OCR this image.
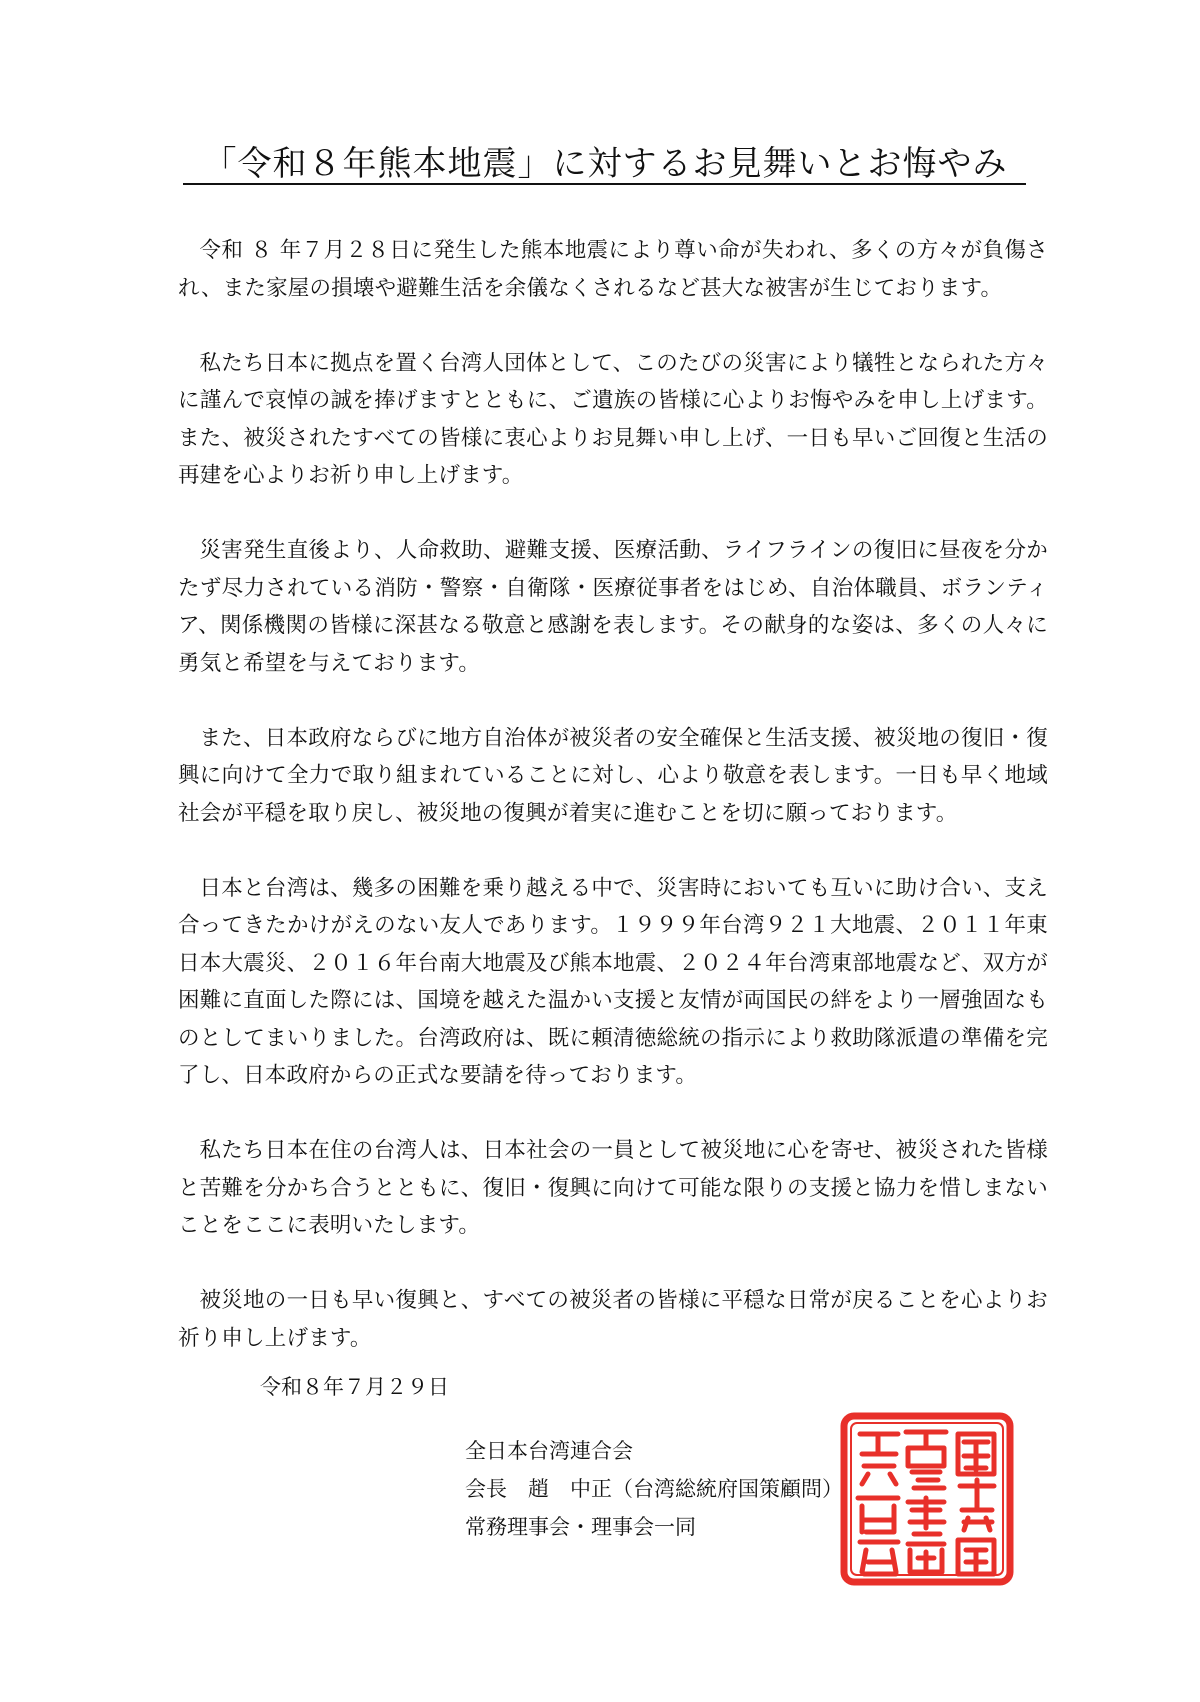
「令和８年熊本地震」に対するお見舞いとお悔やみ

令和 ８ 年７月２８日に発生した熊本地震により尊い命が失われ、多くの方々が負傷され、また家屋の損壊や避難生活を余儀なくされるなど甚大な被害が生じております。

私たち日本に拠点を置く台湾人団体として、このたびの災害により犠牲となられた方々に謹んで哀悼の誠を捧げますとともに、ご遺族の皆様に心よりお悔やみを申し上げます。また、被災されたすべての皆様に衷心よりお見舞い申し上げ、一日も早いご回復と生活の再建を心よりお祈り申し上げます。

災害発生直後より、人命救助、避難支援、医療活動、ライフラインの復旧に昼夜を分かたず尽力されている消防・警察・自衛隊・医療従事者をはじめ、自治体職員、ボランティア、関係機関の皆様に深甚なる敬意と感謝を表します。その献身的な姿は、多くの人々に勇気と希望を与えております。

また、日本政府ならびに地方自治体が被災者の安全確保と生活支援、被災地の復旧・復興に向けて全力で取り組まれていることに対し、心より敬意を表します。一日も早く地域社会が平穏を取り戻し、被災地の復興が着実に進むことを切に願っております。

日本と台湾は、幾多の困難を乗り越える中で、災害時においても互いに助け合い、支え合ってきたかけがえのない友人であります。１９９９年台湾９２１大地震、２０１１年東日本大震災、２０１６年台南大地震及び熊本地震、２０２４年台湾東部地震など、双方が困難に直面した際には、国境を越えた温かい支援と友情が両国民の絆をより一層強固なものとしてまいりました。台湾政府は、既に頼清徳総統の指示により救助隊派遣の準備を完了し、日本政府からの正式な要請を待っております。

私たち日本在住の台湾人は、日本社会の一員として被災地に心を寄せ、被災された皆様と苦難を分かち合うとともに、復旧・復興に向けて可能な限りの支援と協力を惜しまないことをここに表明いたします。

被災地の一日も早い復興と、すべての被災者の皆様に平穏な日常が戻ることを心よりお祈り申し上げます。

令和８年７月２９日
全日本台湾連合会
会長　趙　中正（台湾総統府国策顧問）
常務理事会・理事会一同
